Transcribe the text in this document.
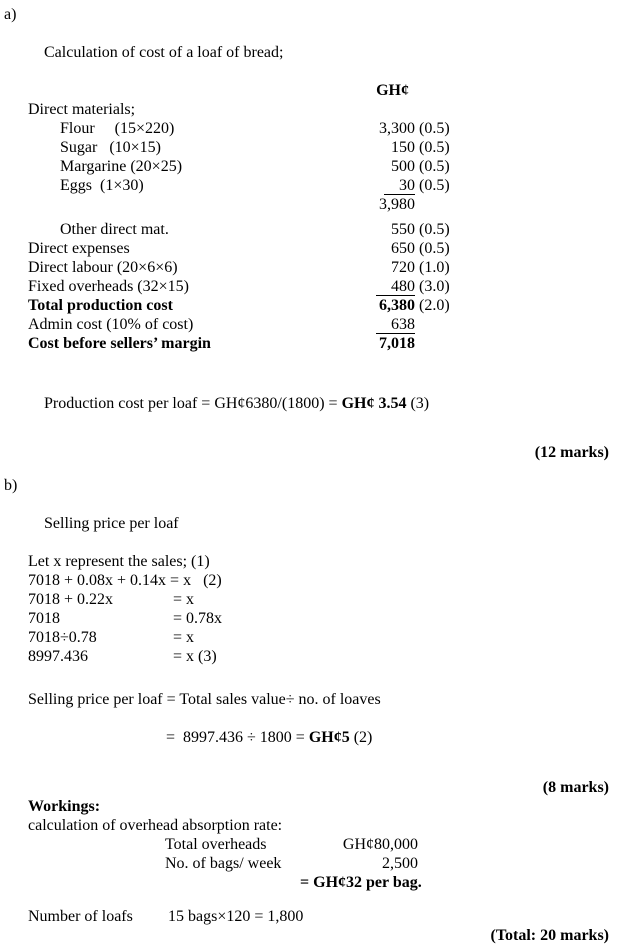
a)

Calculation of cost of a loaf of bread;

GH¢
Direct materials;
Flour     (15×220)	3,300 (0.5)
Sugar   (10×15)	150 (0.5)
Margarine (20×25)	500 (0.5)
Eggs  (1×30)	30 (0.5)
3,980
Other direct mat.	550 (0.5)
Direct expenses	650 (0.5)
Direct labour (20×6×6)	720 (1.0)
Fixed overheads (32×15)	480 (3.0)
Total production cost	6,380 (2.0)
Admin cost (10% of cost)	638
Cost before sellers’ margin	7,018

Production cost per loaf = GH¢6380/(1800) = GH¢ 3.54 (3)

(12 marks)

b)

Selling price per loaf

Let x represent the sales; (1)
7018 + 0.08x + 0.14x = x   (2)
7018 + 0.22x	= x
7018	= 0.78x
7018÷0.78	= x
8997.436	= x (3)
Selling price per loaf = Total sales value÷ no. of loaves

=  8997.436 ÷ 1800 = GH¢5 (2)

(8 marks)
Workings:
calculation of overhead absorption rate:
Total overheads	GH¢80,000
No. of bags/ week	2,500
= GH¢32 per bag.
Number of loafs	15 bags×120 = 1,800
(Total: 20 marks)
